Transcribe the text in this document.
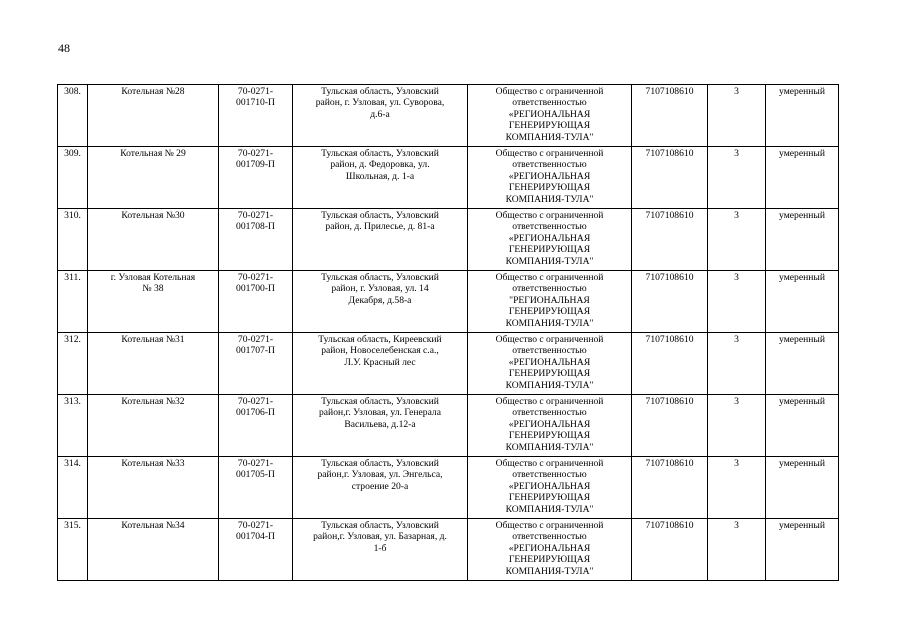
48
308.	Котельная №28	70-0271-
001710-П	Тульская область, Узловский
район, г. Узловая, ул. Суворова,
д.6-а	Общество с ограниченной
ответственностью
«РЕГИОНАЛЬНАЯ
ГЕНЕРИРУЮЩАЯ
КОМПАНИЯ-ТУЛА"	7107108610	3	умеренный
309.	Котельная № 29	70-0271-
001709-П	Тульская область, Узловский
район, д. Федоровка, ул.
Школьная, д. 1-а	Общество с ограниченной
ответственностью
«РЕГИОНАЛЬНАЯ
ГЕНЕРИРУЮЩАЯ
КОМПАНИЯ-ТУЛА"	7107108610	3	умеренный
310.	Котельная №30	70-0271-
001708-П	Тульская область, Узловский
район, д. Прилесье, д. 81-а	Общество с ограниченной
ответственностью
«РЕГИОНАЛЬНАЯ
ГЕНЕРИРУЮЩАЯ
КОМПАНИЯ-ТУЛА"	7107108610	3	умеренный
311.	г. Узловая Котельная
№ 38	70-0271-
001700-П	Тульская область, Узловский
район, г. Узловая, ул. 14
Декабря, д.58-а	Общество с ограниченной
ответственностью
"РЕГИОНАЛЬНАЯ
ГЕНЕРИРУЮЩАЯ
КОМПАНИЯ-ТУЛА"	7107108610	3	умеренный
312.	Котельная №31	70-0271-
001707-П	Тульская область, Киреевский
район, Новоселебенская с.а.,
Л.У. Красный лес	Общество с ограниченной
ответственностью
«РЕГИОНАЛЬНАЯ
ГЕНЕРИРУЮЩАЯ
КОМПАНИЯ-ТУЛА"	7107108610	3	умеренный
313.	Котельная №32	70-0271-
001706-П	Тульская область, Узловский
район,г. Узловая, ул. Генерала
Васильева, д.12-а	Общество с ограниченной
ответственностью
«РЕГИОНАЛЬНАЯ
ГЕНЕРИРУЮЩАЯ
КОМПАНИЯ-ТУЛА"	7107108610	3	умеренный
314.	Котельная №33	70-0271-
001705-П	Тульская область, Узловский
район,г. Узловая, ул. Энгельса,
строение 20-а	Общество с ограниченной
ответственностью
«РЕГИОНАЛЬНАЯ
ГЕНЕРИРУЮЩАЯ
КОМПАНИЯ-ТУЛА"	7107108610	3	умеренный
315.	Котельная №34	70-0271-
001704-П	Тульская область, Узловский
район,г. Узловая, ул. Базарная, д.
1-б	Общество с ограниченной
ответственностью
«РЕГИОНАЛЬНАЯ
ГЕНЕРИРУЮЩАЯ
КОМПАНИЯ-ТУЛА"	7107108610	3	умеренный
